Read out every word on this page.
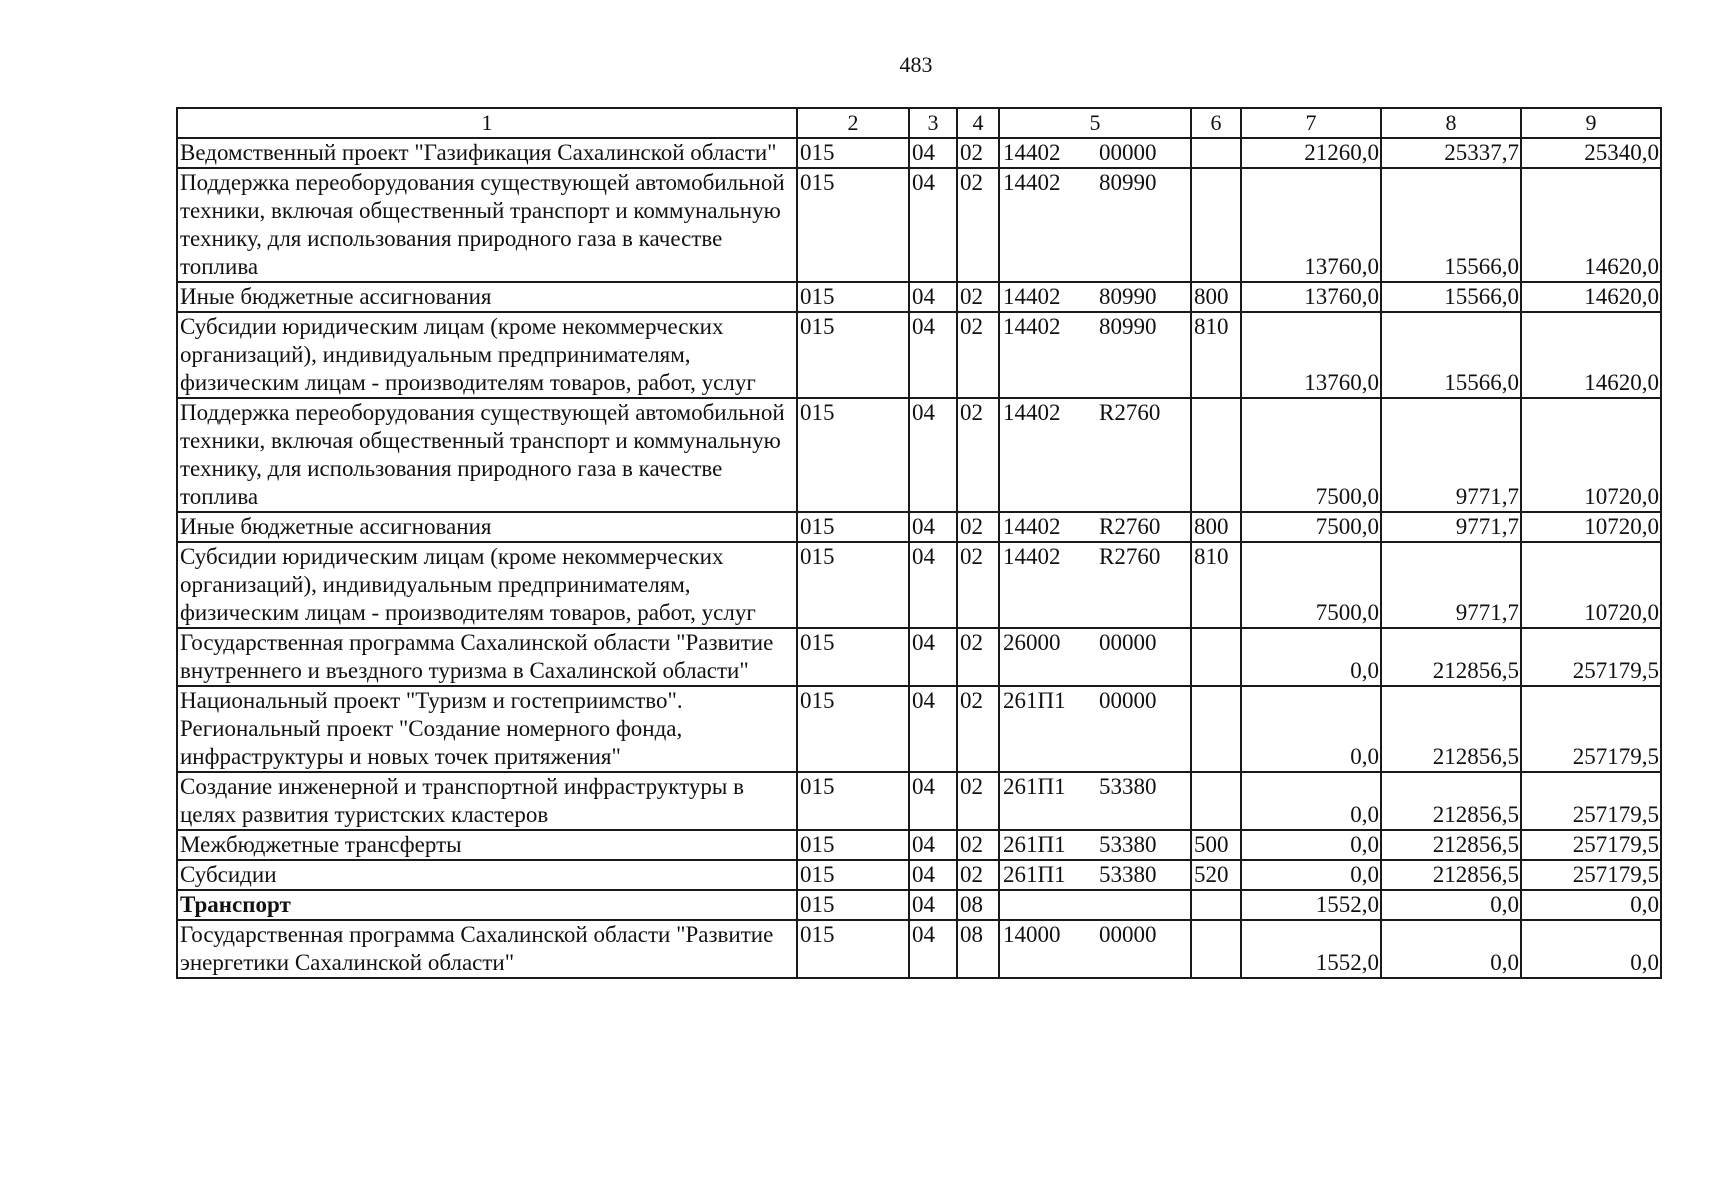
483
1	2	3	4	5	6	7	8	9
Ведомственный проект "Газификация Сахалинской области"	015	04	02	14402 00000		21260,0	25337,7	25340,0
Поддержка переоборудования существующей автомобильной техники, включая общественный транспорт и коммунальную технику, для использования природного газа в качестве топлива	015	04	02	14402 80990		13760,0	15566,0	14620,0
Иные бюджетные ассигнования	015	04	02	14402 80990	800	13760,0	15566,0	14620,0
Субсидии юридическим лицам (кроме некоммерческих организаций), индивидуальным предпринимателям, физическим лицам - производителям товаров, работ, услуг	015	04	02	14402 80990	810	13760,0	15566,0	14620,0
Поддержка переоборудования существующей автомобильной техники, включая общественный транспорт и коммунальную технику, для использования природного газа в качестве топлива	015	04	02	14402 R2760		7500,0	9771,7	10720,0
Иные бюджетные ассигнования	015	04	02	14402 R2760	800	7500,0	9771,7	10720,0
Субсидии юридическим лицам (кроме некоммерческих организаций), индивидуальным предпринимателям, физическим лицам - производителям товаров, работ, услуг	015	04	02	14402 R2760	810	7500,0	9771,7	10720,0
Государственная программа Сахалинской области "Развитие внутреннего и въездного туризма в Сахалинской области"	015	04	02	26000 00000		0,0	212856,5	257179,5
Национальный проект "Туризм и гостеприимство". Региональный проект "Создание номерного фонда, инфраструктуры и новых точек притяжения"	015	04	02	261П1 00000		0,0	212856,5	257179,5
Создание инженерной и транспортной инфраструктуры в целях развития туристских кластеров	015	04	02	261П1 53380		0,0	212856,5	257179,5
Межбюджетные трансферты	015	04	02	261П1 53380	500	0,0	212856,5	257179,5
Субсидии	015	04	02	261П1 53380	520	0,0	212856,5	257179,5
Транспорт	015	04	08			1552,0	0,0	0,0
Государственная программа Сахалинской области "Развитие энергетики Сахалинской области"	015	04	08	14000 00000		1552,0	0,0	0,0
